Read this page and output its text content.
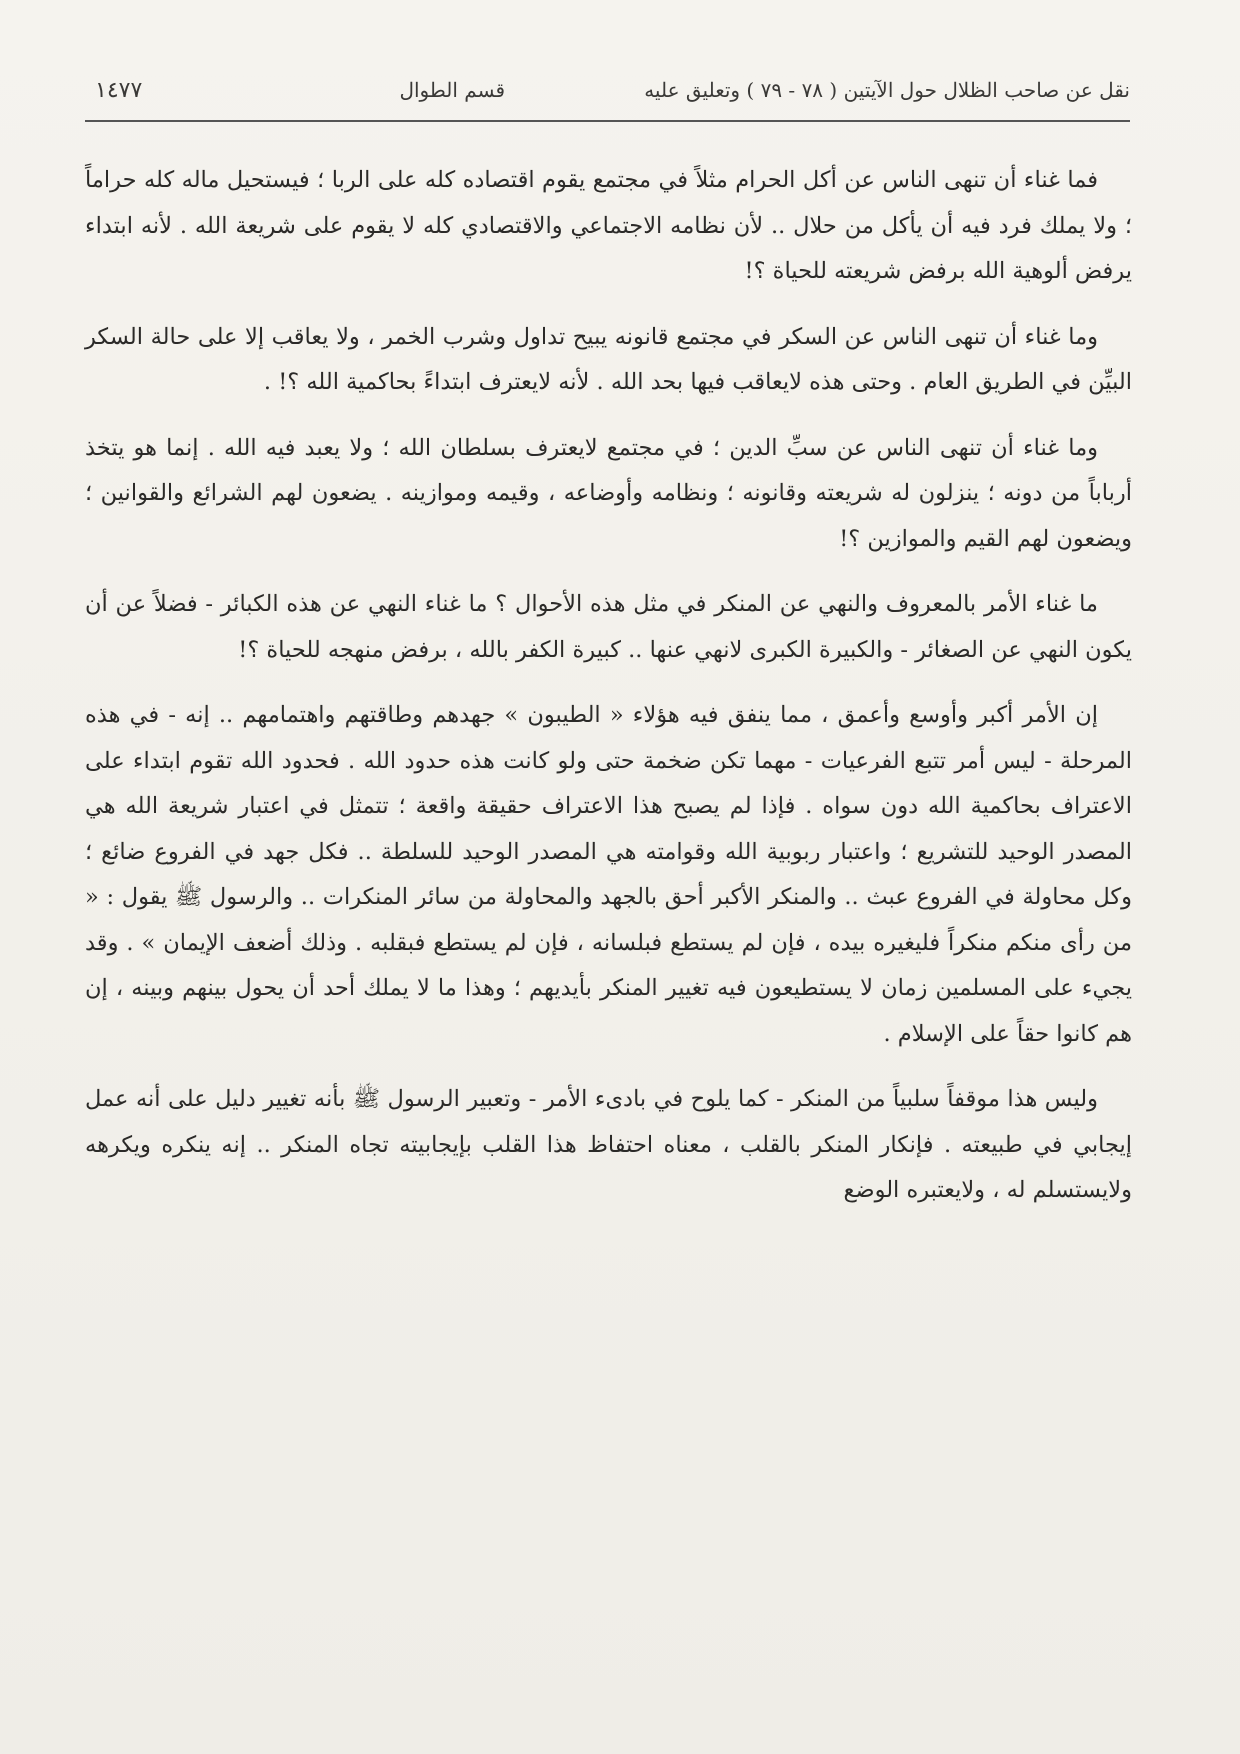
نقل عن صاحب الظلال حول الآيتين ( ٧٨ - ٧٩ ) وتعليق عليه
قسم الطوال
١٤٧٧

فما غناء أن تنهى الناس عن أكل الحرام مثلاً في مجتمع يقوم اقتصاده كله على الربا ؛ فيستحيل ماله كله حراماً ؛ ولا يملك فرد فيه أن يأكل من حلال .. لأن نظامه الاجتماعي والاقتصادي كله لا يقوم على شريعة الله . لأنه ابتداء يرفض ألوهية الله برفض شريعته للحياة ؟!

وما غناء أن تنهى الناس عن السكر في مجتمع قانونه يبيح تداول وشرب الخمر ، ولا يعاقب إلا على حالة السكر البيِّن في الطريق العام . وحتى هذه لايعاقب فيها بحد الله . لأنه لايعترف ابتداءً بحاكمية الله ؟! .

وما غناء أن تنهى الناس عن سبِّ الدين ؛ في مجتمع لايعترف بسلطان الله ؛ ولا يعبد فيه الله . إنما هو يتخذ أرباباً من دونه ؛ ينزلون له شريعته وقانونه ؛ ونظامه وأوضاعه ، وقيمه وموازينه . يضعون لهم الشرائع والقوانين ؛ ويضعون لهم القيم والموازين ؟!

ما غناء الأمر بالمعروف والنهي عن المنكر في مثل هذه الأحوال ؟ ما غناء النهي عن هذه الكبائر - فضلاً عن أن يكون النهي عن الصغائر - والكبيرة الكبرى لانهي عنها .. كبيرة الكفر بالله ، برفض منهجه للحياة ؟!

إن الأمر أكبر وأوسع وأعمق ، مما ينفق فيه هؤلاء « الطيبون » جهدهم وطاقتهم واهتمامهم .. إنه - في هذه المرحلة - ليس أمر تتبع الفرعيات - مهما تكن ضخمة حتى ولو كانت هذه حدود الله . فحدود الله تقوم ابتداء على الاعتراف بحاكمية الله دون سواه . فإذا لم يصبح هذا الاعتراف حقيقة واقعة ؛ تتمثل في اعتبار شريعة الله هي المصدر الوحيد للتشريع ؛ واعتبار ربوبية الله وقوامته هي المصدر الوحيد للسلطة .. فكل جهد في الفروع ضائع ؛ وكل محاولة في الفروع عبث .. والمنكر الأكبر أحق بالجهد والمحاولة من سائر المنكرات .. والرسول ﷺ يقول : « من رأى منكم منكراً فليغيره بيده ، فإن لم يستطع فبلسانه ، فإن لم يستطع فبقلبه . وذلك أضعف الإيمان » . وقد يجيء على المسلمين زمان لا يستطيعون فيه تغيير المنكر بأيديهم ؛ وهذا ما لا يملك أحد أن يحول بينهم وبينه ، إن هم كانوا حقاً على الإسلام .

وليس هذا موقفاً سلبياً من المنكر - كما يلوح في بادىء الأمر - وتعبير الرسول ﷺ بأنه تغيير دليل على أنه عمل إيجابي في طبيعته . فإنكار المنكر بالقلب ، معناه احتفاظ هذا القلب بإيجابيته تجاه المنكر .. إنه ينكره ويكرهه ولايستسلم له ، ولايعتبره الوضع
